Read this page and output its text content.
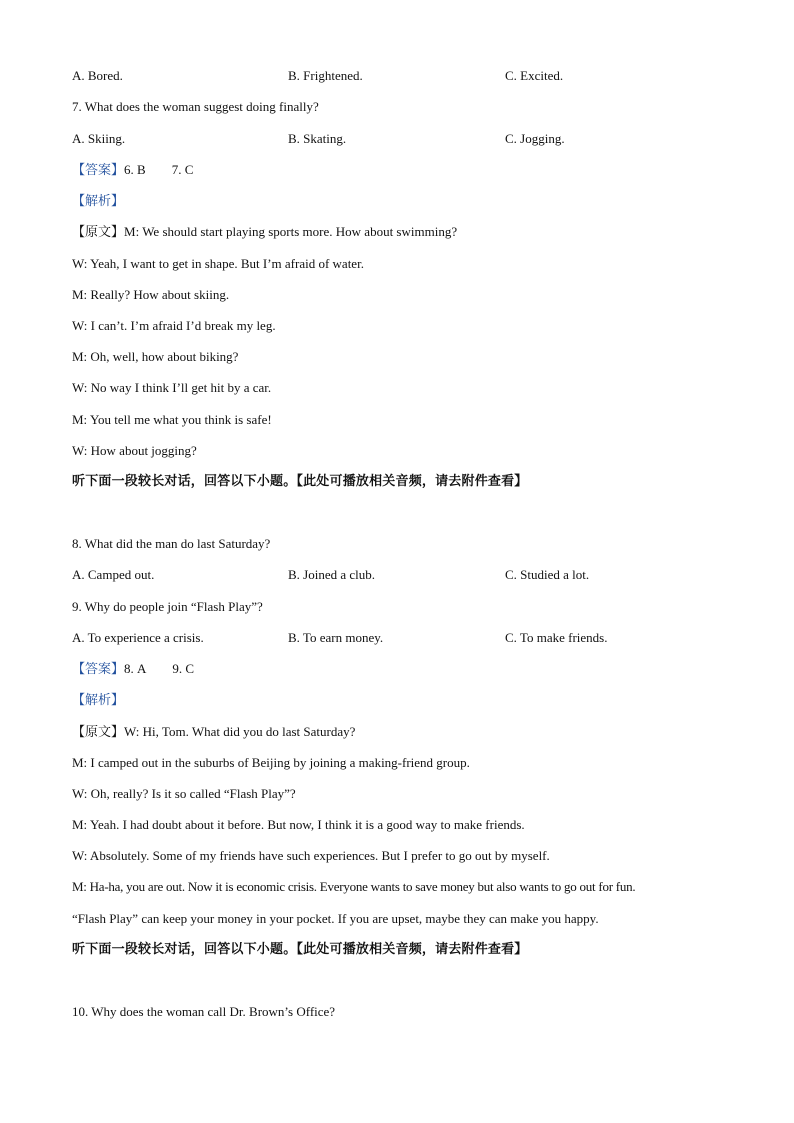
A. Bored.	B. Frightened.	C. Excited.
7. What does the woman suggest doing finally?
A. Skiing.	B. Skating.	C. Jogging.
【答案】6. B 7. C
【解析】
【原文】M: We should start playing sports more. How about swimming?
W: Yeah, I want to get in shape. But I’m afraid of water.
M: Really? How about skiing.
W: I can’t. I’m afraid I’d break my leg.
M: Oh, well, how about biking?
W: No way I think I’ll get hit by a car.
M: You tell me what you think is safe!
W: How about jogging?
听下面一段较长对话，回答以下小题。【此处可播放相关音频，请去附件查看】
8. What did the man do last Saturday?
A. Camped out.	B. Joined a club.	C. Studied a lot.
9. Why do people join “Flash Play”?
A. To experience a crisis.	B. To earn money.	C. To make friends.
【答案】8. A 9. C
【解析】
【原文】W: Hi, Tom. What did you do last Saturday?
M: I camped out in the suburbs of Beijing by joining a making-friend group.
W: Oh, really? Is it so called “Flash Play”?
M: Yeah. I had doubt about it before. But now, I think it is a good way to make friends.
W: Absolutely. Some of my friends have such experiences. But I prefer to go out by myself.
M: Ha-ha, you are out. Now it is economic crisis. Everyone wants to save money but also wants to go out for fun.
“Flash Play” can keep your money in your pocket. If you are upset, maybe they can make you happy.
听下面一段较长对话，回答以下小题。【此处可播放相关音频，请去附件查看】
10. Why does the woman call Dr. Brown’s Office?
